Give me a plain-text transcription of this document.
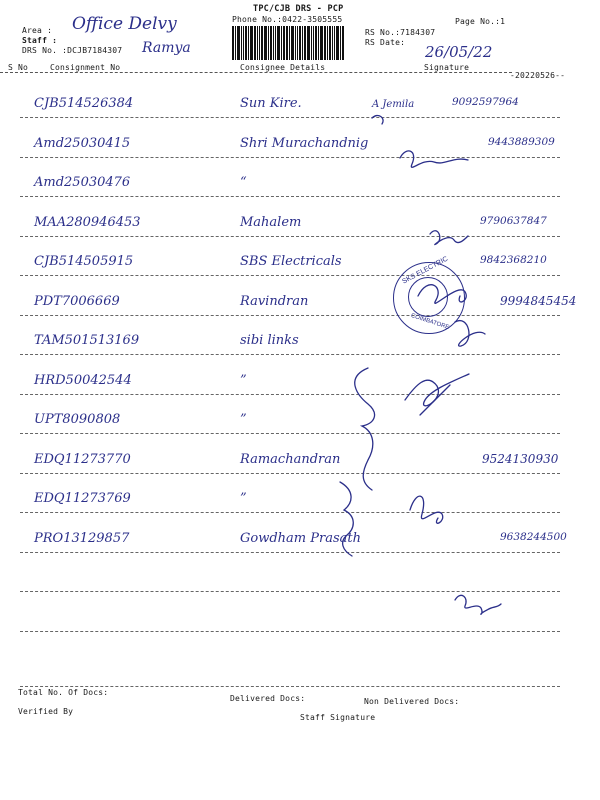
TPC/CJB DRS - PCP
Phone No.:0422-3505555	Page No.:1
Area :
Staff :
DRS No. :DCJB7184307
RS No.:7184307
RS Date:
Office Delvy
Ramya	26/05/22
S No	Consignment No	Consignee Details	Signature
-20220526--
CJB514526384	Sun Kire.	A Jemila	9092597964
Amd25030415	Shri Murachandnig	9443889309
Amd25030476	“
MAA280946453	Mahalem	9790637847
CJB514505915	SBS Electricals	9842368210
PDT7006669	Ravindran	9994845454
TAM501513169	sibi links
HRD50042544	”
UPT8090808	”
EDQ11273770	Ramachandran	9524130930
EDQ11273769	”
PRO13129857	Gowdham Prasath	9638244500
SKS ELECTRIC
COIMBATORE
Total No. Of Docs:
Delivered Docs:	Non Delivered Docs:
Verified By
Staff Signature
